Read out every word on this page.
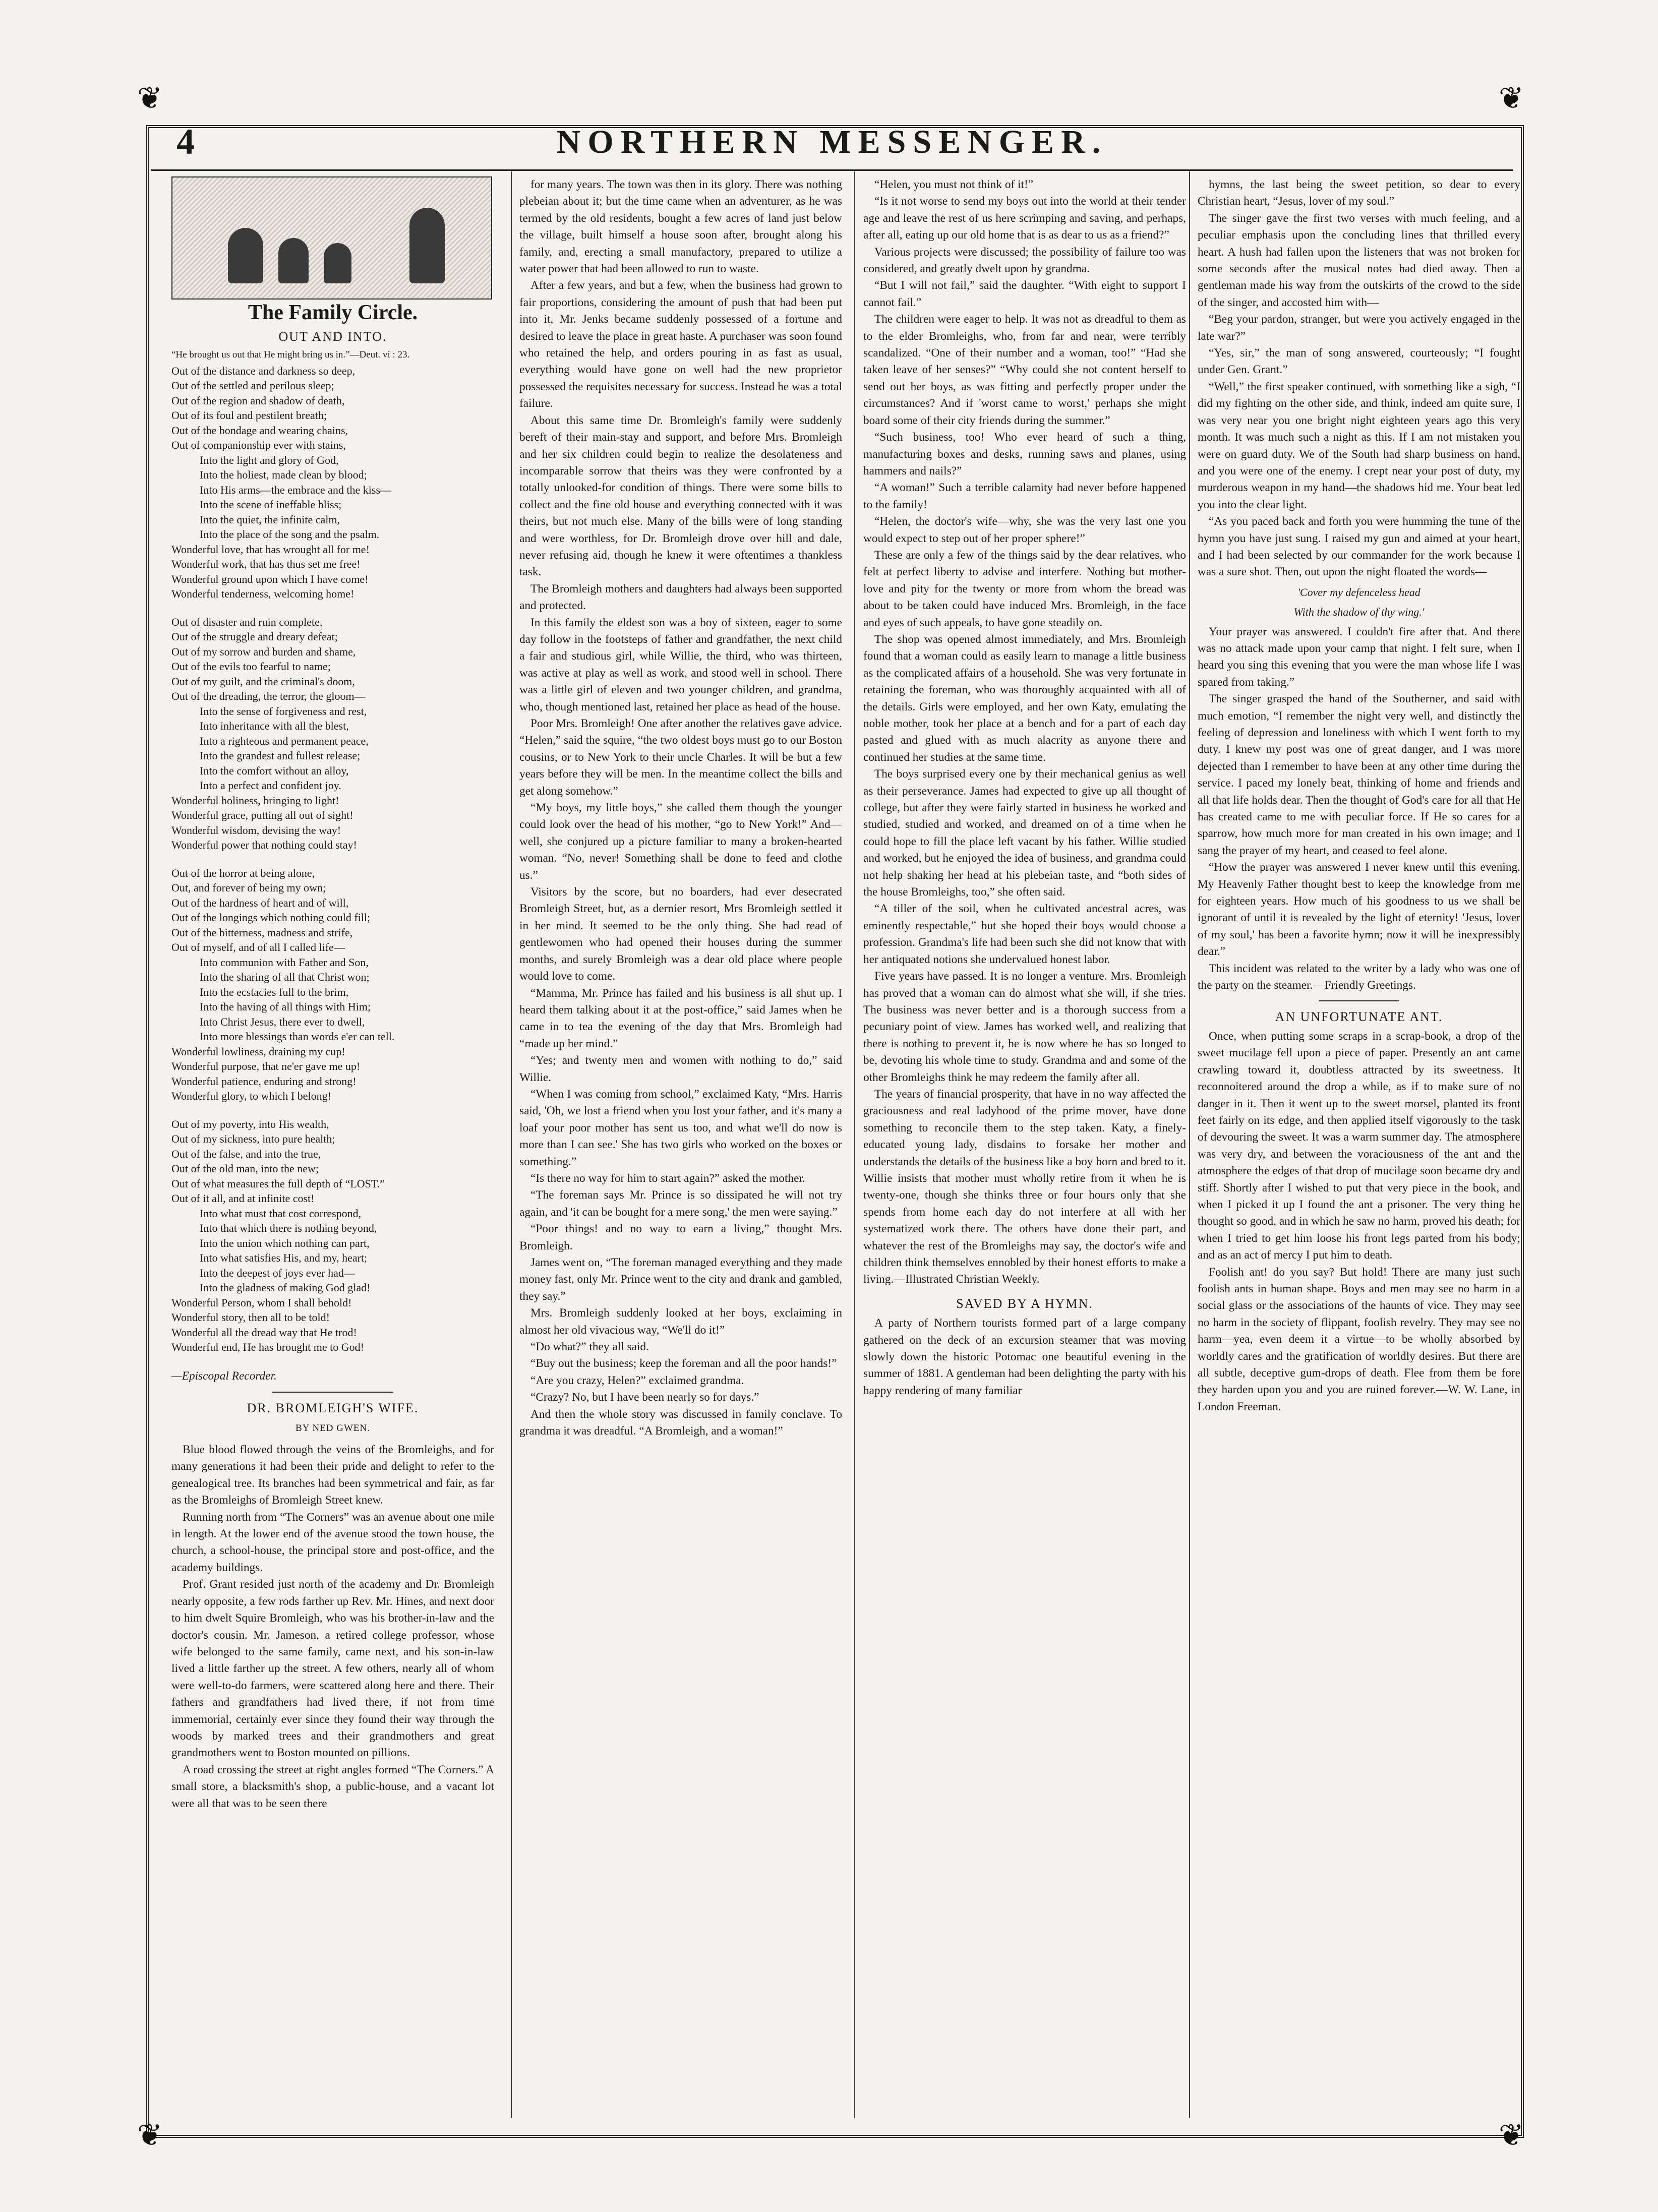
❦	❦
❦	❦
4	NORTHERN MESSENGER.
The Family Circle.
OUT AND INTO.
“He brought us out that He might bring us in.”—Deut. vi : 23.
Out of the distance and darkness so deep,
Out of the settled and perilous sleep;
Out of the region and shadow of death,
Out of its foul and pestilent breath;
Out of the bondage and wearing chains,
Out of companionship ever with stains,
Into the light and glory of God,
Into the holiest, made clean by blood;
Into His arms—the embrace and the kiss—
Into the scene of ineffable bliss;
Into the quiet, the infinite calm,
Into the place of the song and the psalm.
Wonderful love, that has wrought all for me!
Wonderful work, that has thus set me free!
Wonderful ground upon which I have come!
Wonderful tenderness, welcoming home!
Out of disaster and ruin complete,
Out of the struggle and dreary defeat;
Out of my sorrow and burden and shame,
Out of the evils too fearful to name;
Out of my guilt, and the criminal's doom,
Out of the dreading, the terror, the gloom—
Into the sense of forgiveness and rest,
Into inheritance with all the blest,
Into a righteous and permanent peace,
Into the grandest and fullest release;
Into the comfort without an alloy,
Into a perfect and confident joy.
Wonderful holiness, bringing to light!
Wonderful grace, putting all out of sight!
Wonderful wisdom, devising the way!
Wonderful power that nothing could stay!
Out of the horror at being alone,
Out, and forever of being my own;
Out of the hardness of heart and of will,
Out of the longings which nothing could fill;
Out of the bitterness, madness and strife,
Out of myself, and of all I called life—
Into communion with Father and Son,
Into the sharing of all that Christ won;
Into the ecstacies full to the brim,
Into the having of all things with Him;
Into Christ Jesus, there ever to dwell,
Into more blessings than words e'er can tell.
Wonderful lowliness, draining my cup!
Wonderful purpose, that ne'er gave me up!
Wonderful patience, enduring and strong!
Wonderful glory, to which I belong!
Out of my poverty, into His wealth,
Out of my sickness, into pure health;
Out of the false, and into the true,
Out of the old man, into the new;
Out of what measures the full depth of “LOST.”
Out of it all, and at infinite cost!
Into what must that cost correspond,
Into that which there is nothing beyond,
Into the union which nothing can part,
Into what satisfies His, and my, heart;
Into the deepest of joys ever had—
Into the gladness of making God glad!
Wonderful Person, whom I shall behold!
Wonderful story, then all to be told!
Wonderful all the dread way that He trod!
Wonderful end, He has brought me to God!
—Episcopal Recorder.
DR. BROMLEIGH'S WIFE.
BY NED GWEN.

Blue blood flowed through the veins of the Bromleighs, and for many generations it had been their pride and delight to refer to the genealogical tree. Its branches had been symmetrical and fair, as far as the Bromleighs of Bromleigh Street knew.

Running north from “The Corners” was an avenue about one mile in length. At the lower end of the avenue stood the town house, the church, a school-house, the principal store and post-office, and the academy buildings.

Prof. Grant resided just north of the academy and Dr. Bromleigh nearly opposite, a few rods farther up Rev. Mr. Hines, and next door to him dwelt Squire Bromleigh, who was his brother-in-law and the doctor's cousin. Mr. Jameson, a retired college professor, whose wife belonged to the same family, came next, and his son-in-law lived a little farther up the street. A few others, nearly all of whom were well-to-do farmers, were scattered along here and there. Their fathers and grandfathers had lived there, if not from time immemorial, certainly ever since they found their way through the woods by marked trees and their grandmothers and great grandmothers went to Boston mounted on pillions.

A road crossing the street at right angles formed “The Corners.” A small store, a blacksmith's shop, a public-house, and a vacant lot were all that was to be seen there

for many years. The town was then in its glory. There was nothing plebeian about it; but the time came when an adventurer, as he was termed by the old residents, bought a few acres of land just below the village, built himself a house soon after, brought along his family, and, erecting a small manufactory, prepared to utilize a water power that had been allowed to run to waste.

After a few years, and but a few, when the business had grown to fair proportions, considering the amount of push that had been put into it, Mr. Jenks became suddenly possessed of a fortune and desired to leave the place in great haste. A purchaser was soon found who retained the help, and orders pouring in as fast as usual, everything would have gone on well had the new proprietor possessed the requisites necessary for success. Instead he was a total failure.

About this same time Dr. Bromleigh's family were suddenly bereft of their main-stay and support, and before Mrs. Bromleigh and her six children could begin to realize the desolateness and incomparable sorrow that theirs was they were confronted by a totally unlooked-for condition of things. There were some bills to collect and the fine old house and everything connected with it was theirs, but not much else. Many of the bills were of long standing and were worthless, for Dr. Bromleigh drove over hill and dale, never refusing aid, though he knew it were oftentimes a thankless task.

The Bromleigh mothers and daughters had always been supported and protected.

In this family the eldest son was a boy of sixteen, eager to some day follow in the footsteps of father and grandfather, the next child a fair and studious girl, while Willie, the third, who was thirteen, was active at play as well as work, and stood well in school. There was a little girl of eleven and two younger children, and grandma, who, though mentioned last, retained her place as head of the house.

Poor Mrs. Bromleigh! One after another the relatives gave advice. “Helen,” said the squire, “the two oldest boys must go to our Boston cousins, or to New York to their uncle Charles. It will be but a few years before they will be men. In the meantime collect the bills and get along somehow.”

“My boys, my little boys,” she called them though the younger could look over the head of his mother, “go to New York!” And—well, she conjured up a picture familiar to many a broken-hearted woman. “No, never! Something shall be done to feed and clothe us.”

Visitors by the score, but no boarders, had ever desecrated Bromleigh Street, but, as a dernier resort, Mrs Bromleigh settled it in her mind. It seemed to be the only thing. She had read of gentlewomen who had opened their houses during the summer months, and surely Bromleigh was a dear old place where people would love to come.

“Mamma, Mr. Prince has failed and his business is all shut up. I heard them talking about it at the post-office,” said James when he came in to tea the evening of the day that Mrs. Bromleigh had “made up her mind.”

“Yes; and twenty men and women with nothing to do,” said Willie.

“When I was coming from school,” exclaimed Katy, “Mrs. Harris said, 'Oh, we lost a friend when you lost your father, and it's many a loaf your poor mother has sent us too, and what we'll do now is more than I can see.' She has two girls who worked on the boxes or something.”

“Is there no way for him to start again?” asked the mother.

“The foreman says Mr. Prince is so dissipated he will not try again, and 'it can be bought for a mere song,' the men were saying.”

“Poor things! and no way to earn a living,” thought Mrs. Bromleigh.

James went on, “The foreman managed everything and they made money fast, only Mr. Prince went to the city and drank and gambled, they say.”

Mrs. Bromleigh suddenly looked at her boys, exclaiming in almost her old vivacious way, “We'll do it!”

“Do what?” they all said.

“Buy out the business; keep the foreman and all the poor hands!”

“Are you crazy, Helen?” exclaimed grandma.

“Crazy? No, but I have been nearly so for days.”

And then the whole story was discussed in family conclave. To grandma it was dreadful. “A Bromleigh, and a woman!”

“Helen, you must not think of it!”

“Is it not worse to send my boys out into the world at their tender age and leave the rest of us here scrimping and saving, and perhaps, after all, eating up our old home that is as dear to us as a friend?”

Various projects were discussed; the possibility of failure too was considered, and greatly dwelt upon by grandma.

“But I will not fail,” said the daughter. “With eight to support I cannot fail.”

The children were eager to help. It was not as dreadful to them as to the elder Bromleighs, who, from far and near, were terribly scandalized. “One of their number and a woman, too!” “Had she taken leave of her senses?” “Why could she not content herself to send out her boys, as was fitting and perfectly proper under the circumstances? And if 'worst came to worst,' perhaps she might board some of their city friends during the summer.”

“Such business, too! Who ever heard of such a thing, manufacturing boxes and desks, running saws and planes, using hammers and nails?”

“A woman!” Such a terrible calamity had never before happened to the family!

“Helen, the doctor's wife—why, she was the very last one you would expect to step out of her proper sphere!”

These are only a few of the things said by the dear relatives, who felt at perfect liberty to advise and interfere. Nothing but mother-love and pity for the twenty or more from whom the bread was about to be taken could have induced Mrs. Bromleigh, in the face and eyes of such appeals, to have gone steadily on.

The shop was opened almost immediately, and Mrs. Bromleigh found that a woman could as easily learn to manage a little business as the complicated affairs of a household. She was very fortunate in retaining the foreman, who was thoroughly acquainted with all of the details. Girls were employed, and her own Katy, emulating the noble mother, took her place at a bench and for a part of each day pasted and glued with as much alacrity as anyone there and continued her studies at the same time.

The boys surprised every one by their mechanical genius as well as their perseverance. James had expected to give up all thought of college, but after they were fairly started in business he worked and studied, studied and worked, and dreamed on of a time when he could hope to fill the place left vacant by his father. Willie studied and worked, but he enjoyed the idea of business, and grandma could not help shaking her head at his plebeian taste, and “both sides of the house Bromleighs, too,” she often said.

“A tiller of the soil, when he cultivated ancestral acres, was eminently respectable,” but she hoped their boys would choose a profession. Grandma's life had been such she did not know that with her antiquated notions she undervalued honest labor.

Five years have passed. It is no longer a venture. Mrs. Bromleigh has proved that a woman can do almost what she will, if she tries. The business was never better and is a thorough success from a pecuniary point of view. James has worked well, and realizing that there is nothing to prevent it, he is now where he has so longed to be, devoting his whole time to study. Grandma and and some of the other Bromleighs think he may redeem the family after all.

The years of financial prosperity, that have in no way affected the graciousness and real ladyhood of the prime mover, have done something to reconcile them to the step taken. Katy, a finely-educated young lady, disdains to forsake her mother and understands the details of the business like a boy born and bred to it. Willie insists that mother must wholly retire from it when he is twenty-one, though she thinks three or four hours only that she spends from home each day do not interfere at all with her systematized work there. The others have done their part, and whatever the rest of the Bromleighs may say, the doctor's wife and children think themselves ennobled by their honest efforts to make a living.—Illustrated Christian Weekly.

SAVED BY A HYMN.

A party of Northern tourists formed part of a large company gathered on the deck of an excursion steamer that was moving slowly down the historic Potomac one beautiful evening in the summer of 1881. A gentleman had been delighting the party with his happy rendering of many familiar

hymns, the last being the sweet petition, so dear to every Christian heart, “Jesus, lover of my soul.”

The singer gave the first two verses with much feeling, and a peculiar emphasis upon the concluding lines that thrilled every heart. A hush had fallen upon the listeners that was not broken for some seconds after the musical notes had died away. Then a gentleman made his way from the outskirts of the crowd to the side of the singer, and accosted him with—

“Beg your pardon, stranger, but were you actively engaged in the late war?”

“Yes, sir,” the man of song answered, courteously; “I fought under Gen. Grant.”

“Well,” the first speaker continued, with something like a sigh, “I did my fighting on the other side, and think, indeed am quite sure, I was very near you one bright night eighteen years ago this very month. It was much such a night as this. If I am not mistaken you were on guard duty. We of the South had sharp business on hand, and you were one of the enemy. I crept near your post of duty, my murderous weapon in my hand—the shadows hid me. Your beat led you into the clear light.

“As you paced back and forth you were humming the tune of the hymn you have just sung. I raised my gun and aimed at your heart, and I had been selected by our commander for the work because I was a sure shot. Then, out upon the night floated the words—

'Cover my defenceless head
With the shadow of thy wing.'

Your prayer was answered. I couldn't fire after that. And there was no attack made upon your camp that night. I felt sure, when I heard you sing this evening that you were the man whose life I was spared from taking.”

The singer grasped the hand of the Southerner, and said with much emotion, “I remember the night very well, and distinctly the feeling of depression and loneliness with which I went forth to my duty. I knew my post was one of great danger, and I was more dejected than I remember to have been at any other time during the service. I paced my lonely beat, thinking of home and friends and all that life holds dear. Then the thought of God's care for all that He has created came to me with peculiar force. If He so cares for a sparrow, how much more for man created in his own image; and I sang the prayer of my heart, and ceased to feel alone.

“How the prayer was answered I never knew until this evening. My Heavenly Father thought best to keep the knowledge from me for eighteen years. How much of his goodness to us we shall be ignorant of until it is revealed by the light of eternity! 'Jesus, lover of my soul,' has been a favorite hymn; now it will be inexpressibly dear.”

This incident was related to the writer by a lady who was one of the party on the steamer.—Friendly Greetings.

AN UNFORTUNATE ANT.

Once, when putting some scraps in a scrap-book, a drop of the sweet mucilage fell upon a piece of paper. Presently an ant came crawling toward it, doubtless attracted by its sweetness. It reconnoitered around the drop a while, as if to make sure of no danger in it. Then it went up to the sweet morsel, planted its front feet fairly on its edge, and then applied itself vigorously to the task of devouring the sweet. It was a warm summer day. The atmosphere was very dry, and between the voraciousness of the ant and the atmosphere the edges of that drop of mucilage soon became dry and stiff. Shortly after I wished to put that very piece in the book, and when I picked it up I found the ant a prisoner. The very thing he thought so good, and in which he saw no harm, proved his death; for when I tried to get him loose his front legs parted from his body; and as an act of mercy I put him to death.

Foolish ant! do you say? But hold! There are many just such foolish ants in human shape. Boys and men may see no harm in a social glass or the associations of the haunts of vice. They may see no harm in the society of flippant, foolish revelry. They may see no harm—yea, even deem it a virtue—to be wholly absorbed by worldly cares and the gratification of worldly desires. But there are all subtle, deceptive gum-drops of death. Flee from them be fore they harden upon you and you are ruined forever.—W. W. Lane, in London Freeman.
